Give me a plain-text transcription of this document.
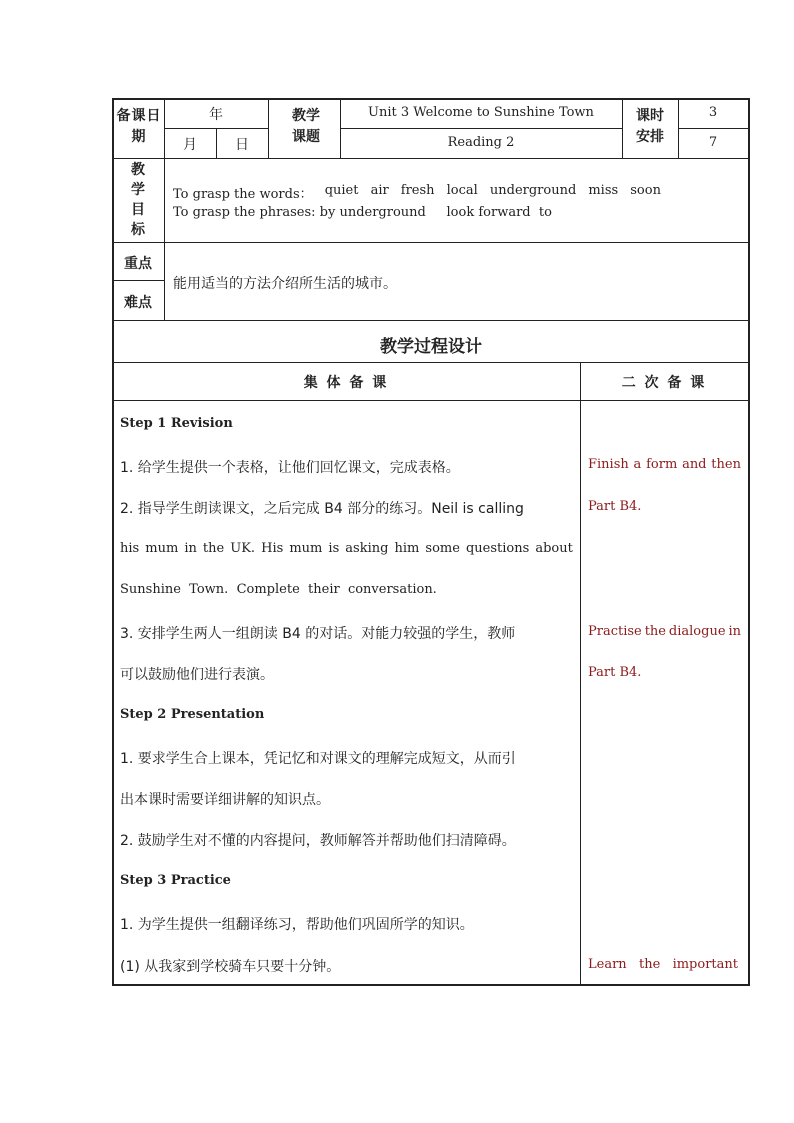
备课日期
年
月	日
教学课题
Unit 3 Welcome to Sunshine Town
Reading 2
课时安排
3
7
教学目标
To grasp the words： quiet air fresh local underground miss soon
To grasp the phrases: by underground     look forward  to
重点
难点
能用适当的方法介绍所生活的城市。
教学过程设计
集 体 备 课	二 次 备 课
Step 1 Revision
1. 给学生提供一个表格，让他们回忆课文，完成表格。
2. 指导学生朗读课文，之后完成 B4 部分的练习。Neil is calling
his mum in the UK. His mum is asking him some questions about
Sunshine  Town.  Complete  their  conversation.
3. 安排学生两人一组朗读 B4 的对话。对能力较强的学生，教师
可以鼓励他们进行表演。
Step 2 Presentation
1. 要求学生合上课本，凭记忆和对课文的理解完成短文，从而引
出本课时需要详细讲解的知识点。
2. 鼓励学生对不懂的内容提问，教师解答并帮助他们扫清障碍。
Step 3 Practice
1. 为学生提供一组翻译练习，帮助他们巩固所学的知识。
(1) 从我家到学校骑车只要十分钟。
Finish a form and then
Part B4.
Practise the dialogue in
Part B4.
Learn the important
